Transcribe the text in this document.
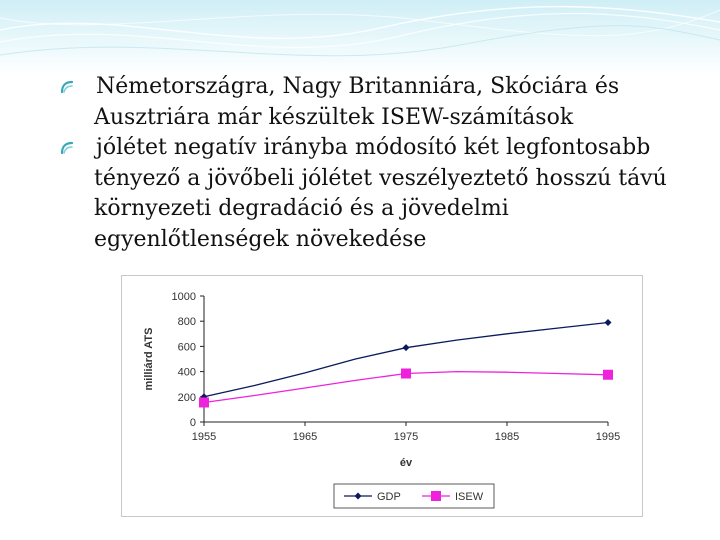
Németországra, Nagy Britanniára, Skóciára és
Ausztriára már készültek ISEW-számítások
jólétet negatív irányba módosító két legfontosabb
tényező a jövőbeli jólétet veszélyeztető hosszú távú
környezeti degradáció és a jövedelmi
egyenlőtlenségek növekedése
0
200
400
600
800
1000
1955	1965	1975	1985	1995
év
milliárd ATS
GDP	ISEW
